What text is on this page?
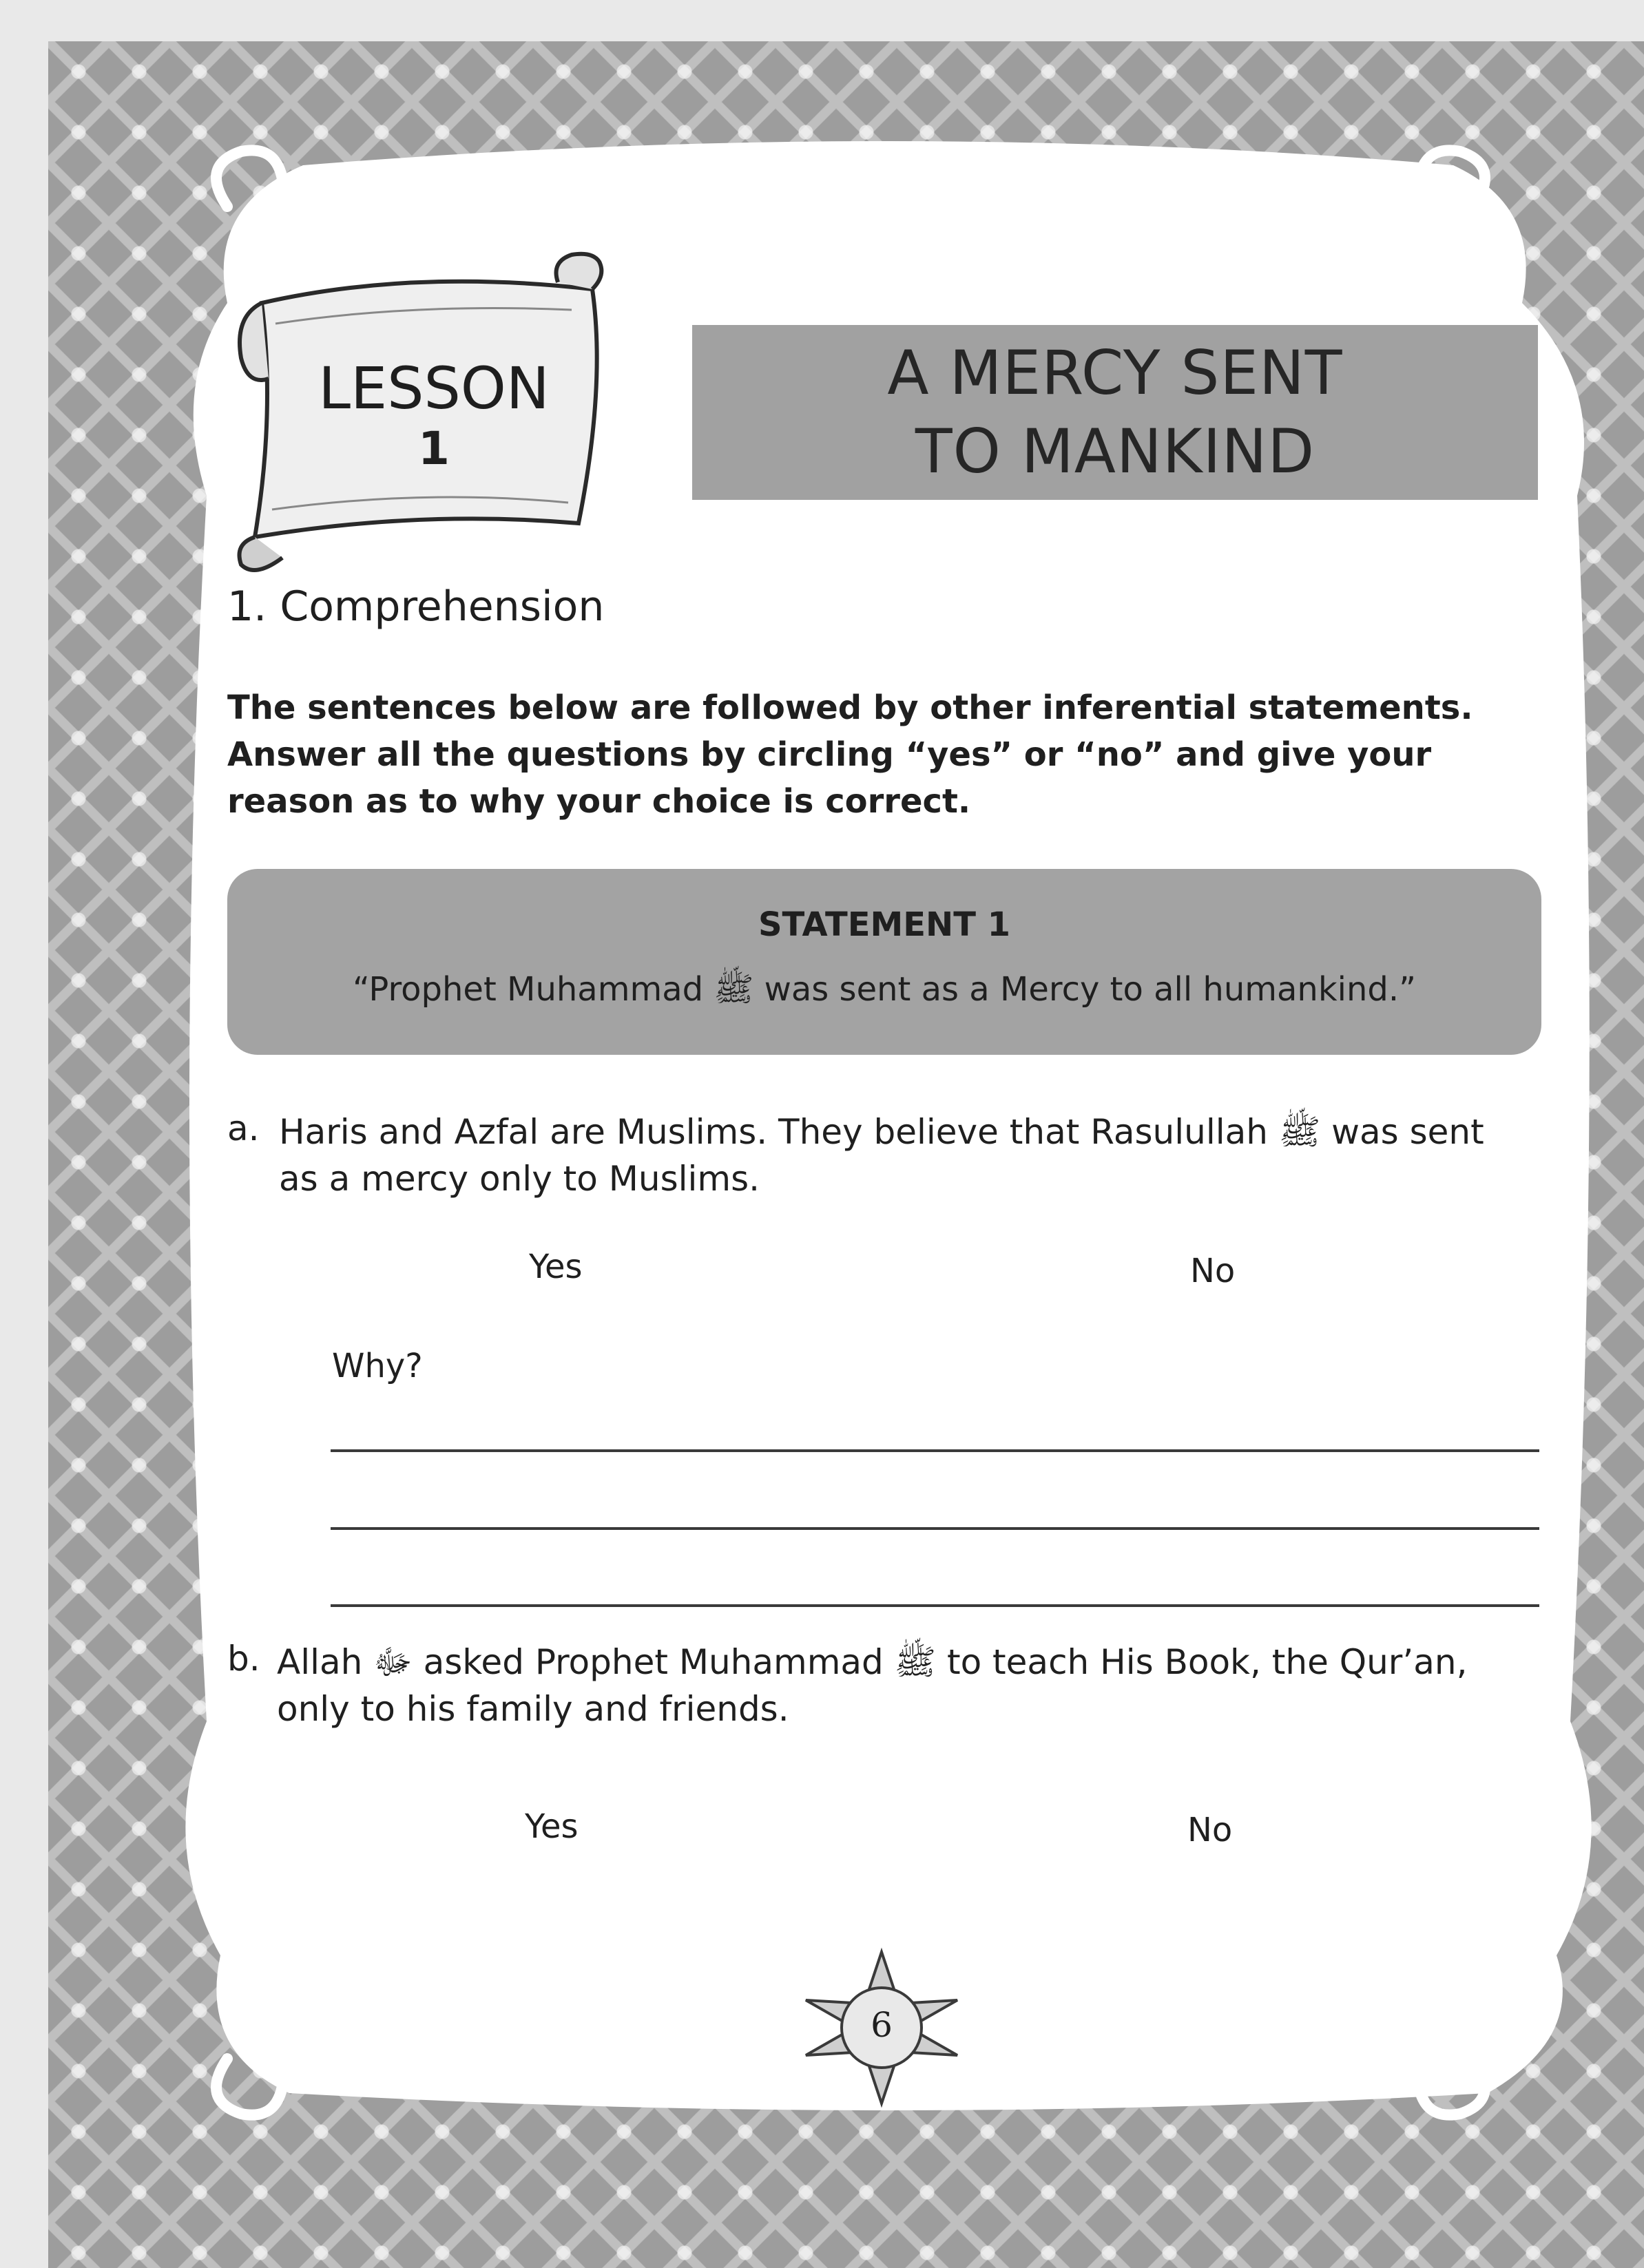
LESSON
1
A MERCY SENT
TO MANKIND
1. Comprehension
The sentences below are followed by other inferential statements.
Answer all the questions by circling “yes” or “no” and give your
reason as to why your choice is correct.
STATEMENT 1
“Prophet Muhammad ﷺ was sent as a Mercy to all humankind.”
a. Haris and Azfal are Muslims. They believe that Rasulullah ﷺ was sent
as a mercy only to Muslims.
Yes	No
Why?
b. Allah ﷻ asked Prophet Muhammad ﷺ to teach His Book, the Qur’an,
only to his family and friends.
Yes	No
6
